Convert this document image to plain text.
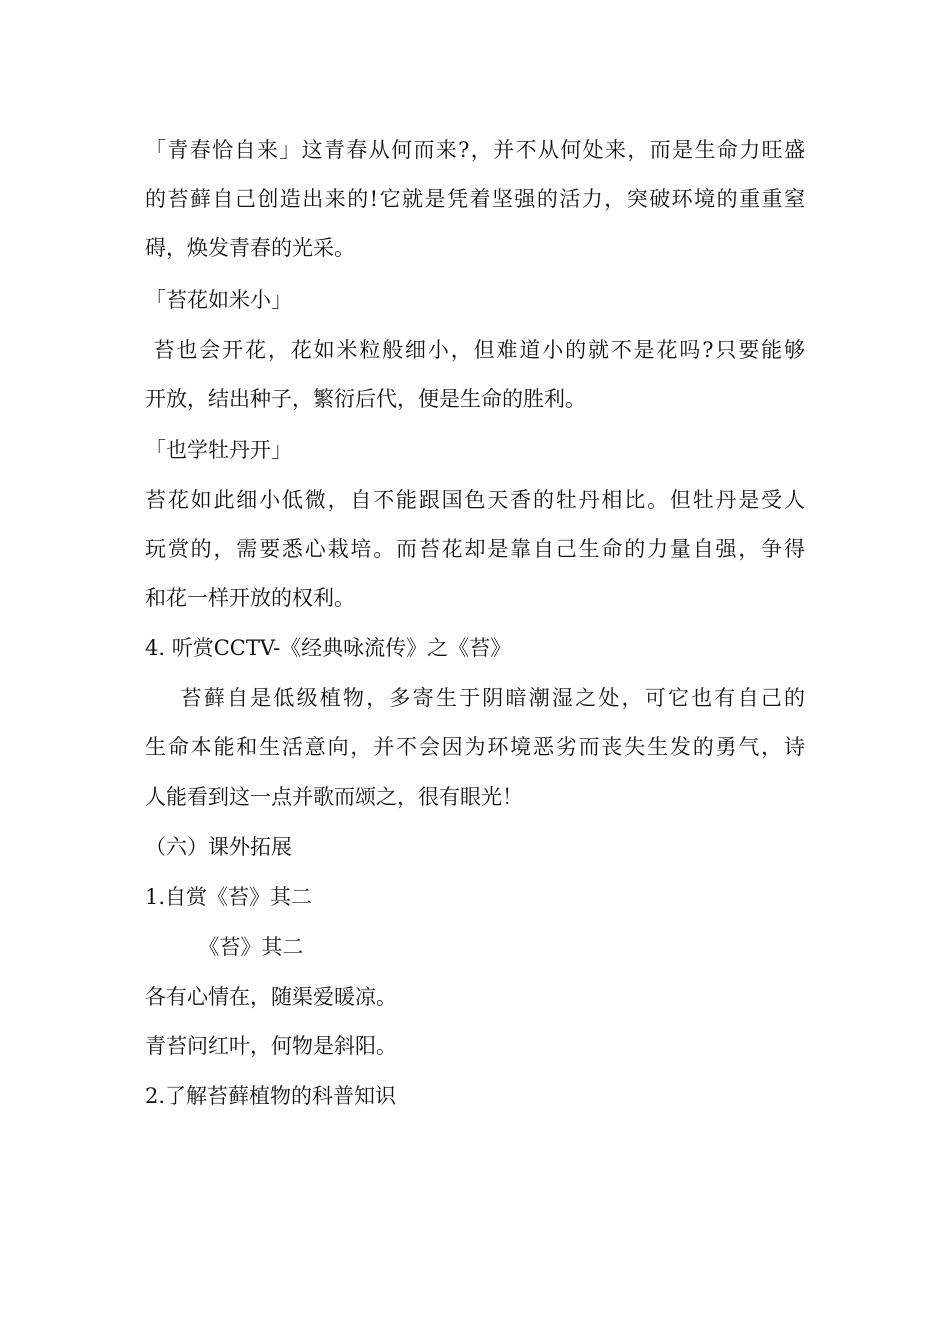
「青春恰自来」这青春从何而来?，并不从何处来，而是生命力旺盛
的苔藓自己创造出来的!它就是凭着坚强的活力，突破环境的重重窒
碍，焕发青春的光采。
「苔花如米小」
苔也会开花，花如米粒般细小，但难道小的就不是花吗?只要能够
开放，结出种子，繁衍后代，便是生命的胜利。
「也学牡丹开」
苔花如此细小低微，自不能跟国色天香的牡丹相比。但牡丹是受人
玩赏的，需要悉心栽培。而苔花却是靠自己生命的力量自强，争得
和花一样开放的权利。
4. 听赏CCTV-《经典咏流传》之《苔》
苔藓自是低级植物，多寄生于阴暗潮湿之处，可它也有自己的
生命本能和生活意向，并不会因为环境恶劣而丧失生发的勇气，诗
人能看到这一点并歌而颂之，很有眼光！
（六）课外拓展
1.自赏《苔》其二
《苔》其二
各有心情在，随渠爱暖凉。
青苔问红叶，何物是斜阳。
2.了解苔藓植物的科普知识
